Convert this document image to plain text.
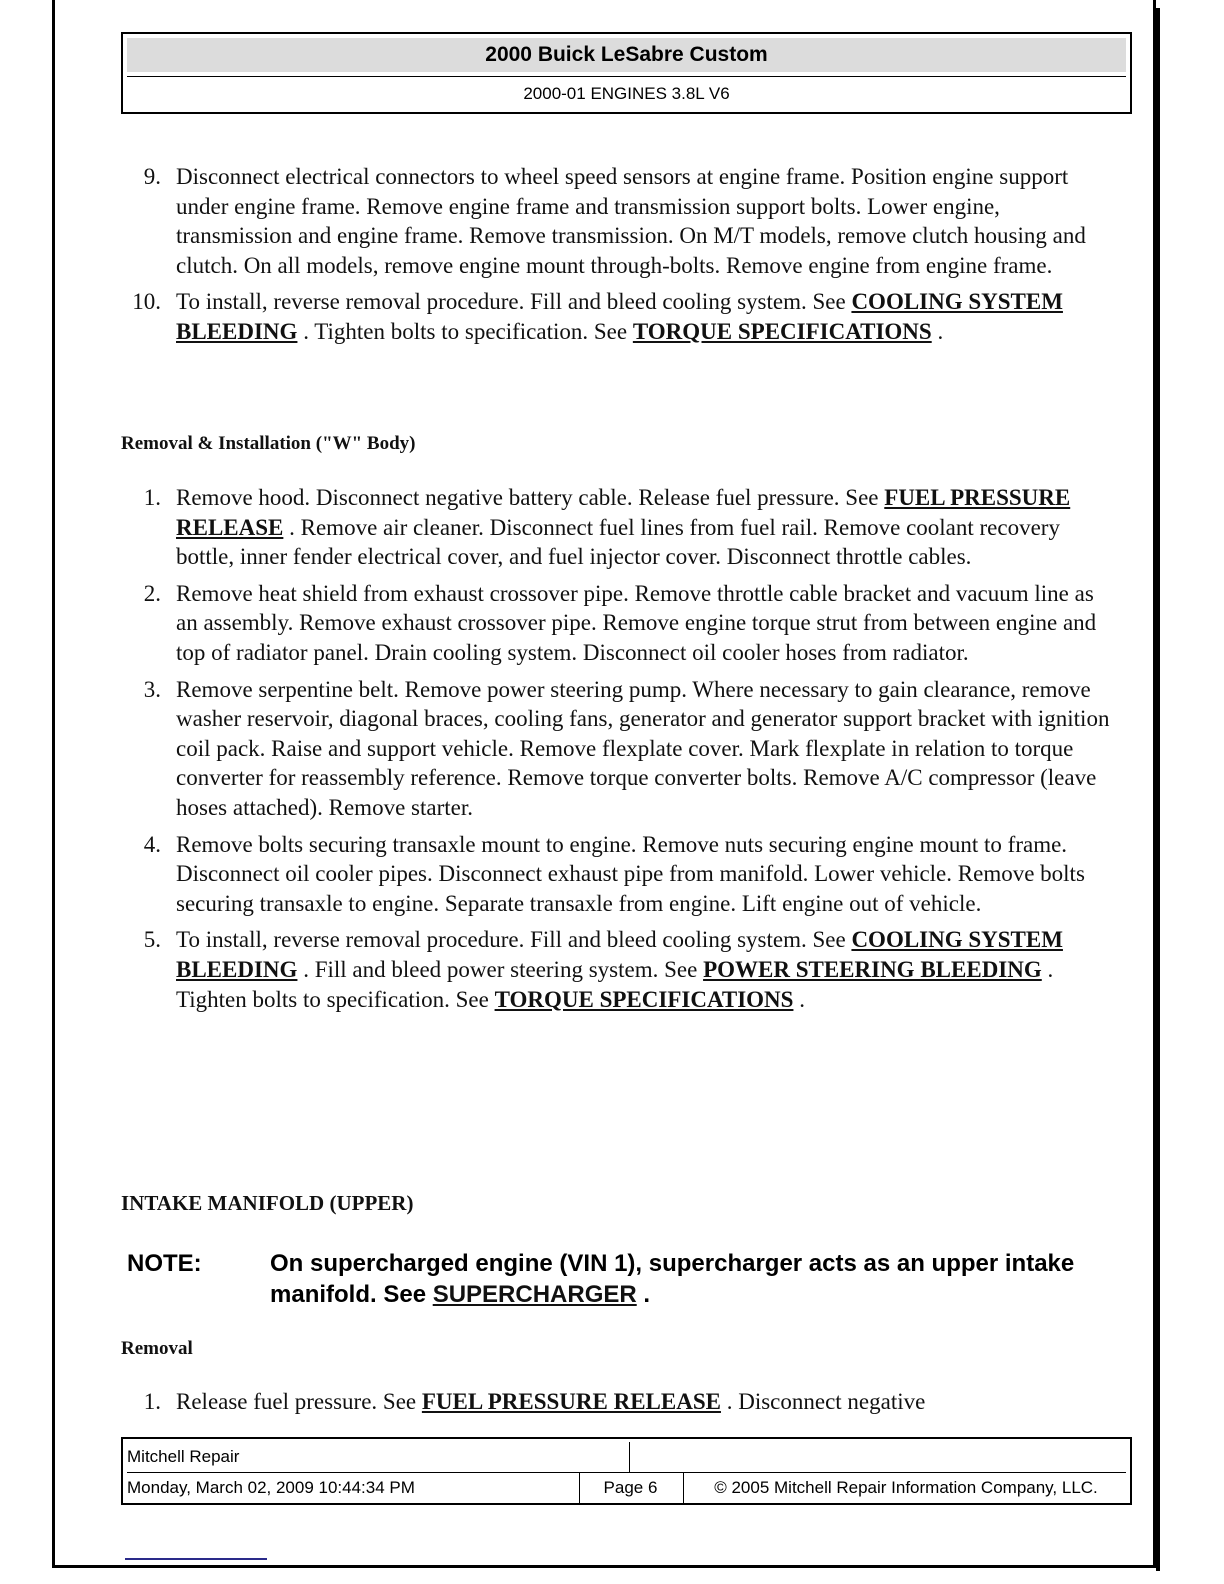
2000 Buick LeSabre Custom
2000-01 ENGINES 3.8L V6
9. Disconnect electrical connectors to wheel speed sensors at engine frame. Position engine support under engine frame. Remove engine frame and transmission support bolts. Lower engine, transmission and engine frame. Remove transmission. On M/T models, remove clutch housing and clutch. On all models, remove engine mount through-bolts. Remove engine from engine frame.
10. To install, reverse removal procedure. Fill and bleed cooling system. See COOLING SYSTEM BLEEDING . Tighten bolts to specification. See TORQUE SPECIFICATIONS .
Removal & Installation ("W" Body)
1. Remove hood. Disconnect negative battery cable. Release fuel pressure. See FUEL PRESSURE RELEASE . Remove air cleaner. Disconnect fuel lines from fuel rail. Remove coolant recovery bottle, inner fender electrical cover, and fuel injector cover. Disconnect throttle cables.
2. Remove heat shield from exhaust crossover pipe. Remove throttle cable bracket and vacuum line as an assembly. Remove exhaust crossover pipe. Remove engine torque strut from between engine and top of radiator panel. Drain cooling system. Disconnect oil cooler hoses from radiator.
3. Remove serpentine belt. Remove power steering pump. Where necessary to gain clearance, remove washer reservoir, diagonal braces, cooling fans, generator and generator support bracket with ignition coil pack. Raise and support vehicle. Remove flexplate cover. Mark flexplate in relation to torque converter for reassembly reference. Remove torque converter bolts. Remove A/C compressor (leave hoses attached). Remove starter.
4. Remove bolts securing transaxle mount to engine. Remove nuts securing engine mount to frame. Disconnect oil cooler pipes. Disconnect exhaust pipe from manifold. Lower vehicle. Remove bolts securing transaxle to engine. Separate transaxle from engine. Lift engine out of vehicle.
5. To install, reverse removal procedure. Fill and bleed cooling system. See COOLING SYSTEM BLEEDING . Fill and bleed power steering system. See POWER STEERING BLEEDING . Tighten bolts to specification. See TORQUE SPECIFICATIONS .
INTAKE MANIFOLD (UPPER)
NOTE:	On supercharged engine (VIN 1), supercharger acts as an upper intake manifold. See SUPERCHARGER .
Removal
1. Release fuel pressure. See FUEL PRESSURE RELEASE . Disconnect negative
Mitchell Repair
Monday, March 02, 2009 10:44:34 PM	Page 6	© 2005 Mitchell Repair Information Company, LLC.
